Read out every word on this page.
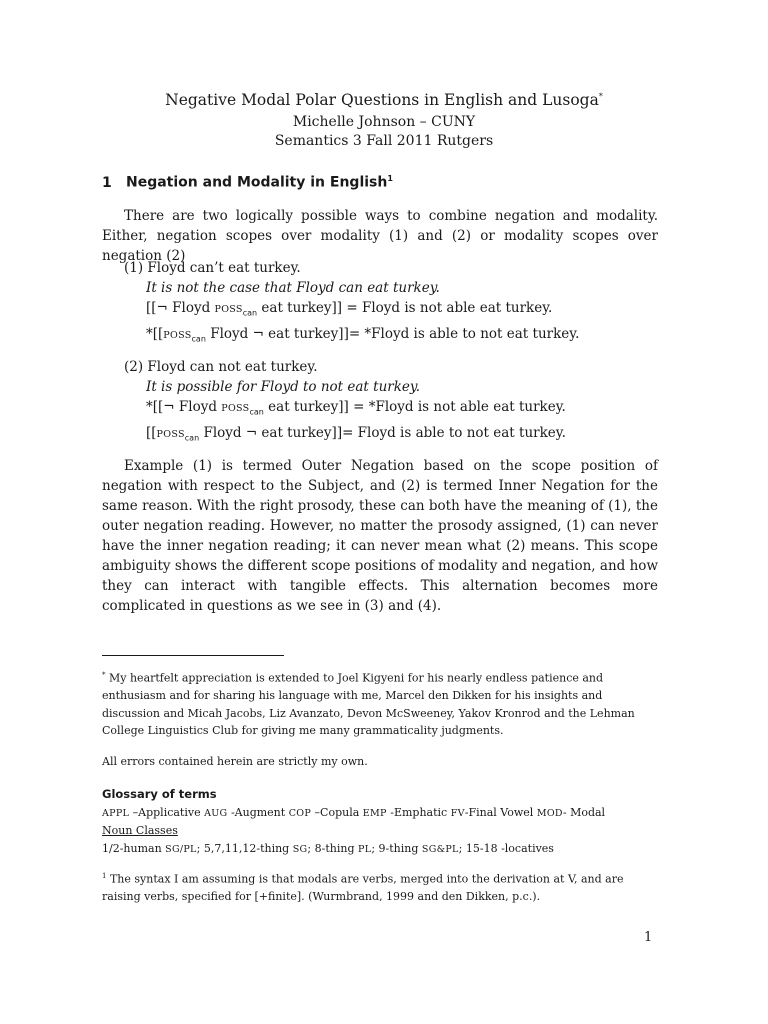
Negative Modal Polar Questions in English and Lusoga*
Michelle Johnson – CUNY
Semantics 3 Fall 2011 Rutgers
1 Negation and Modality in English$^1$
There are two logically possible ways to combine negation and modality. Either, negation scopes over modality (1) and (2) or modality scopes over negation (2)
(1) Floyd can’t eat turkey.
It is not the case that Floyd can eat turkey.
[[¬ Floyd $POSS_{can}$ eat turkey]] = Floyd is not able eat turkey.
$*[[POSS_{can}$ Floyd ¬ eat turkey]]= *Floyd is able to not eat turkey.
(2) Floyd can not eat turkey.
It is possible for Floyd to not eat turkey.
*[[¬ Floyd $POSS_{can}$ eat turkey]] = *Floyd is not able eat turkey.
[[$POSS_{can}$ Floyd ¬ eat turkey]]= Floyd is able to not eat turkey.
Example (1) is termed Outer Negation based on the scope position of negation with respect to the Subject, and (2) is termed Inner Negation for the same reason. With the right prosody, these can both have the meaning of (1), the outer negation reading. However, no matter the prosody assigned, (1) can never have the inner negation reading; it can never mean what (2) means. This scope ambiguity shows the different scope positions of modality and negation, and how they can interact with tangible effects. This alternation becomes more complicated in questions as we see in (3) and (4).
* My heartfelt appreciation is extended to Joel Kigyeni for his nearly endless patience and enthusiasm and for sharing his language with me, Marcel den Dikken for his insights and discussion and Micah Jacobs, Liz Avanzato, Devon McSweeney, Yakov Kronrod and the Lehman College Linguistics Club for giving me many grammaticality judgments.
All errors contained herein are strictly my own.
Glossary of terms
APPL –Applicative AUG -Augment COP –Copula EMP -Emphatic FV-Final Vowel MOD- Modal
Noun Classes
1/2-human SG/PL; 5,7,11,12-thing SG; 8-thing PL; 9-thing SG&PL; 15-18 -locatives
$^1$ The syntax I am assuming is that modals are verbs, merged into the derivation at V, and are raising verbs, specified for [+finite]. (Wurmbrand, 1999 and den Dikken, p.c.).
1
